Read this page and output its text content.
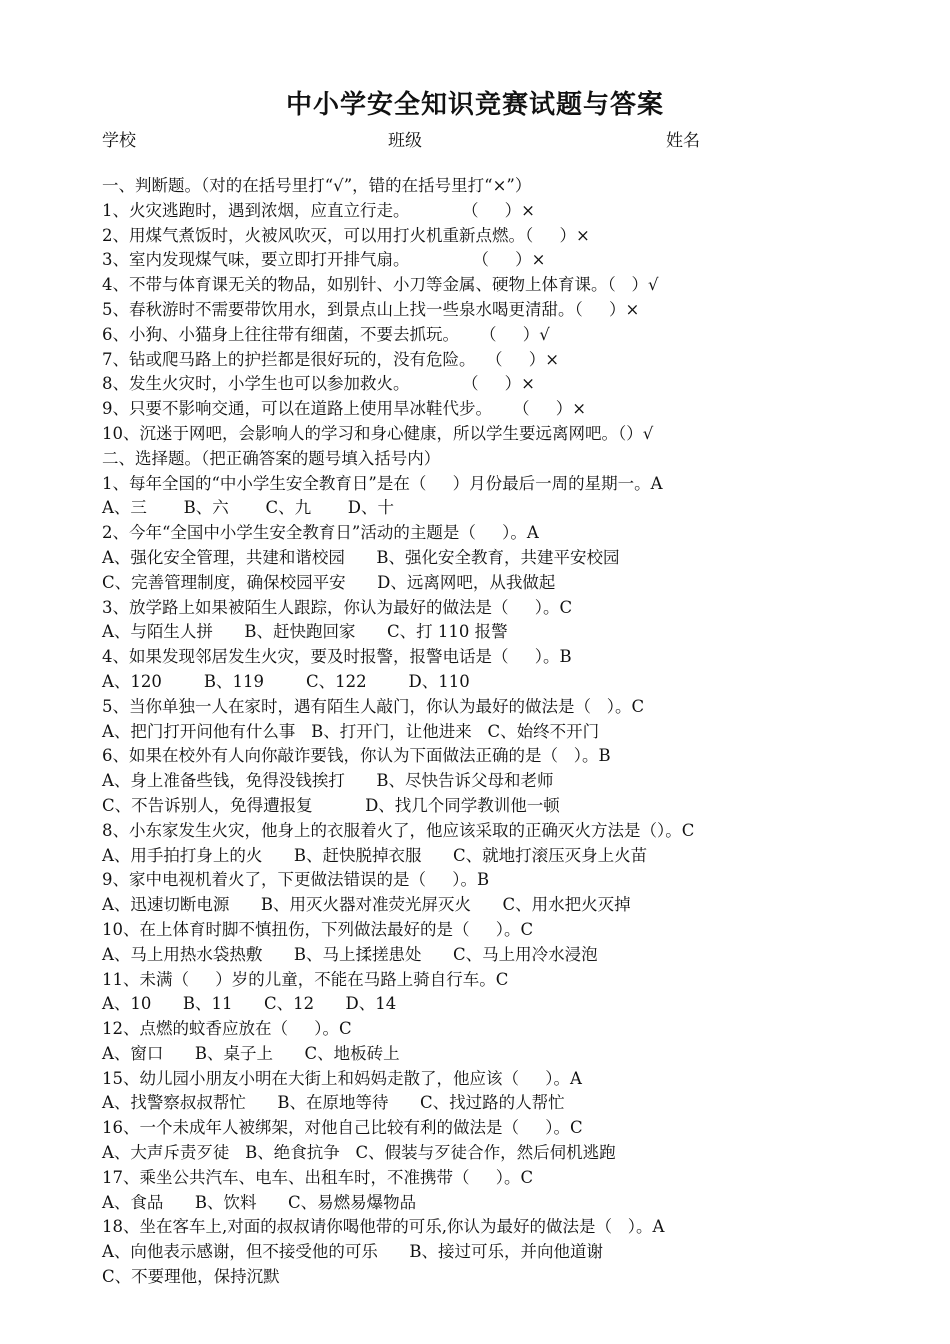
中小学安全知识竞赛试题与答案
学校	班级	姓名
一、判断题。（对的在括号里打“√”，错的在括号里打“×”）
1、火灾逃跑时，遇到浓烟，应直立行走。          （     ）×
2、用煤气煮饭时，火被风吹灭，可以用打火机重新点燃。（     ）×
3、室内发现煤气味，要立即打开排气扇。            （     ）×
4、不带与体育课无关的物品，如别针、小刀等金属、硬物上体育课。（   ）√
5、春秋游时不需要带饮用水，到景点山上找一些泉水喝更清甜。（     ）×
6、小狗、小猫身上往往带有细菌，不要去抓玩。    （     ）√
7、钻或爬马路上的护拦都是很好玩的，没有危险。  （     ）×
8、发生火灾时，小学生也可以参加救火。          （     ）×
9、只要不影响交通，可以在道路上使用旱冰鞋代步。    （     ）×
10、沉迷于网吧，会影响人的学习和身心健康，所以学生要远离网吧。（）√
二、选择题。（把正确答案的题号填入括号内）
1、每年全国的“中小学生安全教育日”是在（     ）月份最后一周的星期一。A
A、三       B、六       C、九       D、十
2、今年“全国中小学生安全教育日”活动的主题是（     ）。A
A、强化安全管理，共建和谐校园      B、强化安全教育，共建平安校园
C、完善管理制度，确保校园平安      D、远离网吧，从我做起
3、放学路上如果被陌生人跟踪，你认为最好的做法是（     ）。C
A、与陌生人拼      B、赶快跑回家      C、打 110 报警
4、如果发现邻居发生火灾，要及时报警，报警电话是（     ）。B
A、120        B、119        C、122        D、110
5、当你单独一人在家时，遇有陌生人敲门，你认为最好的做法是（   ）。C
A、把门打开问他有什么事   B、打开门，让他进来   C、始终不开门
6、如果在校外有人向你敲诈要钱，你认为下面做法正确的是（   ）。B
A、身上准备些钱，免得没钱挨打      B、尽快告诉父母和老师
C、不告诉别人，免得遭报复          D、找几个同学教训他一顿
8、小东家发生火灾，他身上的衣服着火了，他应该采取的正确灭火方法是（）。C
A、用手拍打身上的火      B、赶快脱掉衣服      C、就地打滚压灭身上火苗
9、家中电视机着火了，下更做法错误的是（     ）。B
A、迅速切断电源      B、用灭火器对准荧光屏灭火      C、用水把火灭掉
10、在上体育时脚不慎扭伤，下列做法最好的是（     ）。C
A、马上用热水袋热敷      B、马上揉搓患处      C、马上用冷水浸泡
11、未满（     ）岁的儿童，不能在马路上骑自行车。C
A、10      B、11      C、12      D、14
12、点燃的蚊香应放在（     ）。C
A、窗口      B、桌子上      C、地板砖上
15、幼儿园小朋友小明在大街上和妈妈走散了，他应该（     ）。A
A、找警察叔叔帮忙      B、在原地等待      C、找过路的人帮忙
16、一个未成年人被绑架，对他自己比较有利的做法是（     ）。C
A、大声斥责歹徒   B、绝食抗争   C、假装与歹徒合作，然后伺机逃跑
17、乘坐公共汽车、电车、出租车时，不准携带（     ）。C
A、食品      B、饮料      C、易燃易爆物品
18、坐在客车上,对面的叔叔请你喝他带的可乐,你认为最好的做法是（   ）。A
A、向他表示感谢，但不接受他的可乐      B、接过可乐，并向他道谢
C、不要理他，保持沉默
